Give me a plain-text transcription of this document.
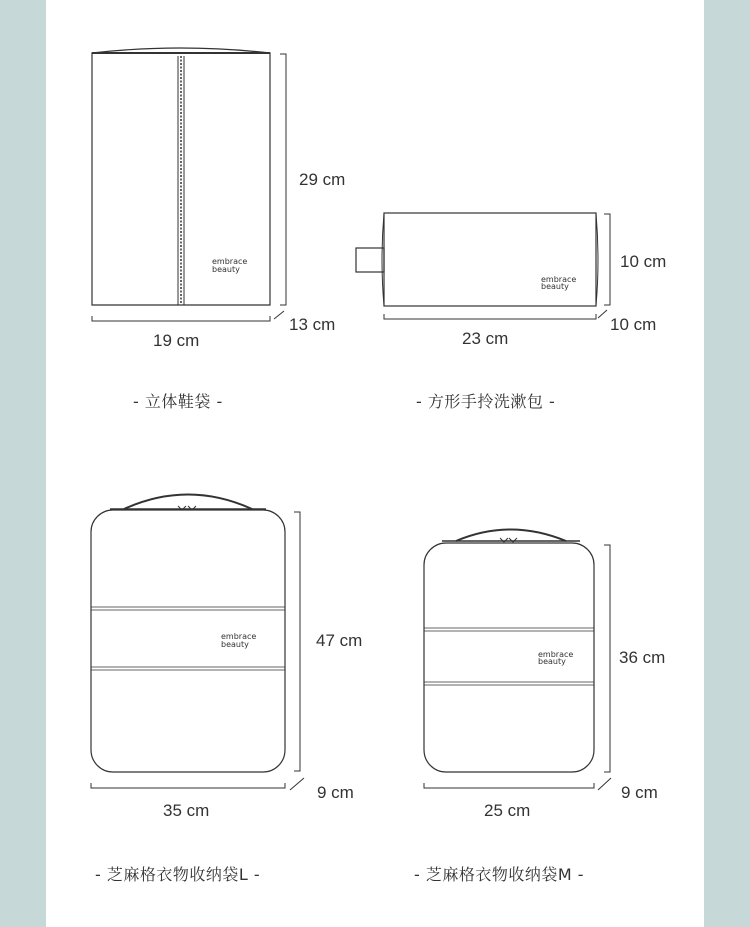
embrace
beauty
embrace
beauty
embrace
beauty
embrace
beauty
29 cm
19 cm
13 cm
- 立体鞋袋 -
10 cm
23 cm
10 cm
- 方形手拎洗漱包 -
47 cm
35 cm
9 cm
- 芝麻格衣物收纳袋L -
36 cm
25 cm
9 cm
- 芝麻格衣物收纳袋M -
